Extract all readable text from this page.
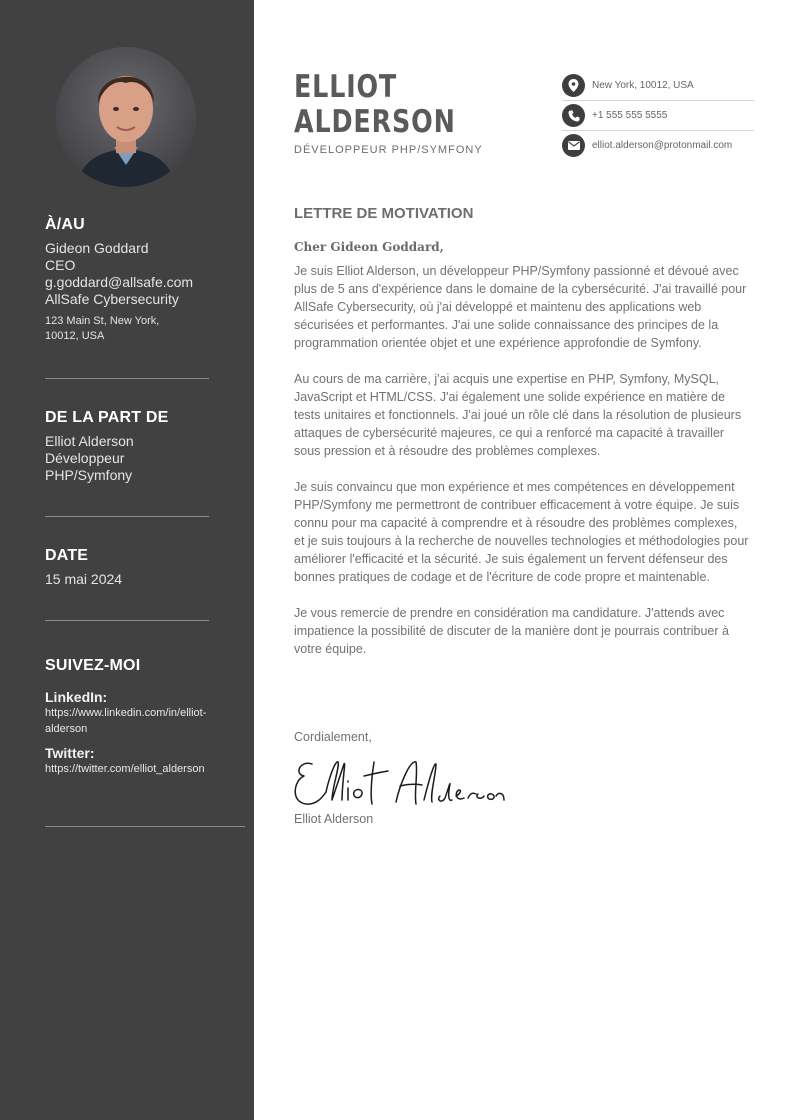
À/AU
Gideon Goddard
CEO
g.goddard@allsafe.com
AllSafe Cybersecurity
123 Main St, New York,
10012, USA
DE LA PART DE
Elliot Alderson
Développeur
PHP/Symfony
DATE
15 mai 2024
SUIVEZ-MOI
LinkedIn:
https://www.linkedin.com/in/elliot-alderson
Twitter:
https://twitter.com/elliot_alderson
ELLIOT
ALDERSON
DÉVELOPPEUR PHP/SYMFONY
New York, 10012, USA
+1 555 555 5555
elliot.alderson@protonmail.com
LETTRE DE MOTIVATION

Cher Gideon Goddard,

Je suis Elliot Alderson, un développeur PHP/Symfony passionné et dévoué avec plus de 5 ans d'expérience dans le domaine de la cybersécurité. J'ai travaillé pour AllSafe Cybersecurity, où j'ai développé et maintenu des applications web sécurisées et performantes. J'ai une solide connaissance des principes de la programmation orientée objet et une expérience approfondie de Symfony.

Au cours de ma carrière, j'ai acquis une expertise en PHP, Symfony, MySQL, JavaScript et HTML/CSS. J'ai également une solide expérience en matière de tests unitaires et fonctionnels. J'ai joué un rôle clé dans la résolution de plusieurs attaques de cybersécurité majeures, ce qui a renforcé ma capacité à travailler sous pression et à résoudre des problèmes complexes.

Je suis convaincu que mon expérience et mes compétences en développement PHP/Symfony me permettront de contribuer efficacement à votre équipe. Je suis connu pour ma capacité à comprendre et à résoudre des problèmes complexes, et je suis toujours à la recherche de nouvelles technologies et méthodologies pour améliorer l'efficacité et la sécurité. Je suis également un fervent défenseur des bonnes pratiques de codage et de l'écriture de code propre et maintenable.

Je vous remercie de prendre en considération ma candidature. J'attends avec impatience la possibilité de discuter de la manière dont je pourrais contribuer à votre équipe.

Cordialement,
Elliot Alderson
